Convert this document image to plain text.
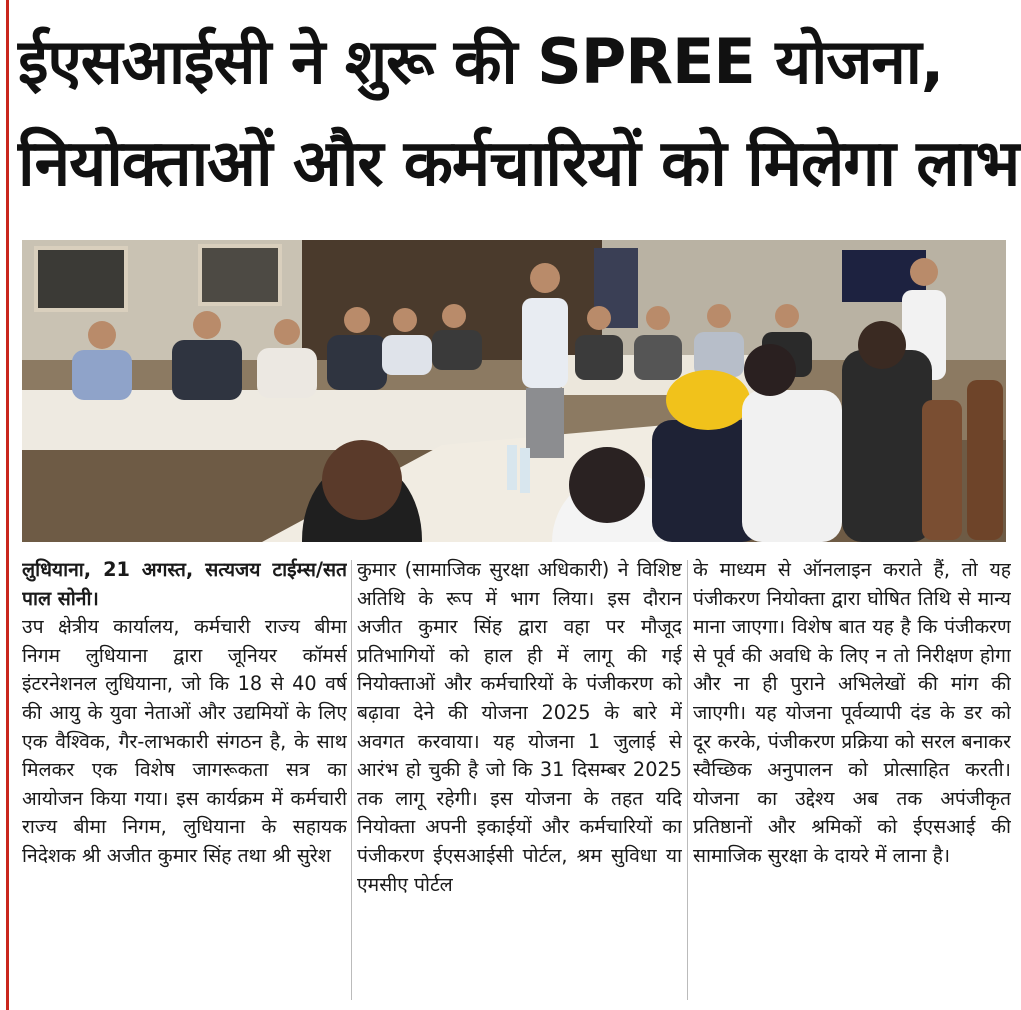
ईएसआईसी ने शुरू की SPREE योजना,
नियोक्ताओं और कर्मचारियों को मिलेगा लाभ

लुधियाना, 21 अगस्त, सत्यजय टाईम्स/सत पाल सोनी।

उप क्षेत्रीय कार्यालय, कर्मचारी राज्य बीमा निगम लुधियाना द्वारा जूनियर कॉमर्स इंटरनेशनल लुधियाना, जो कि 18 से 40 वर्ष की आयु के युवा नेताओं और उद्यमियों के लिए एक वैश्विक, गैर-लाभकारी संगठन है, के साथ मिलकर एक विशेष जागरूकता सत्र का आयोजन किया गया। इस कार्यक्रम में कर्मचारी राज्य बीमा निगम, लुधियाना के सहायक निदेशक श्री अजीत कुमार सिंह तथा श्री सुरेश

कुमार (सामाजिक सुरक्षा अधिकारी) ने विशिष्ट अतिथि के रूप में भाग लिया। इस दौरान अजीत कुमार सिंह द्वारा वहा पर मौजूद प्रतिभागियों को हाल ही में लागू की गई नियोक्ताओं और कर्मचारियों के पंजीकरण को बढ़ावा देने की योजना 2025 के बारे में अवगत करवाया। यह योजना 1 जुलाई से आरंभ हो चुकी है जो कि 31 दिसम्बर 2025 तक लागू रहेगी। इस योजना के तहत यदि नियोक्ता अपनी इकाईयों और कर्मचारियों का पंजीकरण ईएसआईसी पोर्टल, श्रम सुविधा या एमसीए पोर्टल

के माध्यम से ऑनलाइन कराते हैं, तो यह पंजीकरण नियोक्ता द्वारा घोषित तिथि से मान्य माना जाएगा। विशेष बात यह है कि पंजीकरण से पूर्व की अवधि के लिए न तो निरीक्षण होगा और ना ही पुराने अभिलेखों की मांग की जाएगी। यह योजना पूर्वव्यापी दंड के डर को दूर करके, पंजीकरण प्रक्रिया को सरल बनाकर स्वैच्छिक अनुपालन को प्रोत्साहित करती। योजना का उद्देश्य अब तक अपंजीकृत प्रतिष्ठानों और श्रमिकों को ईएसआई की सामाजिक सुरक्षा के दायरे में लाना है।
